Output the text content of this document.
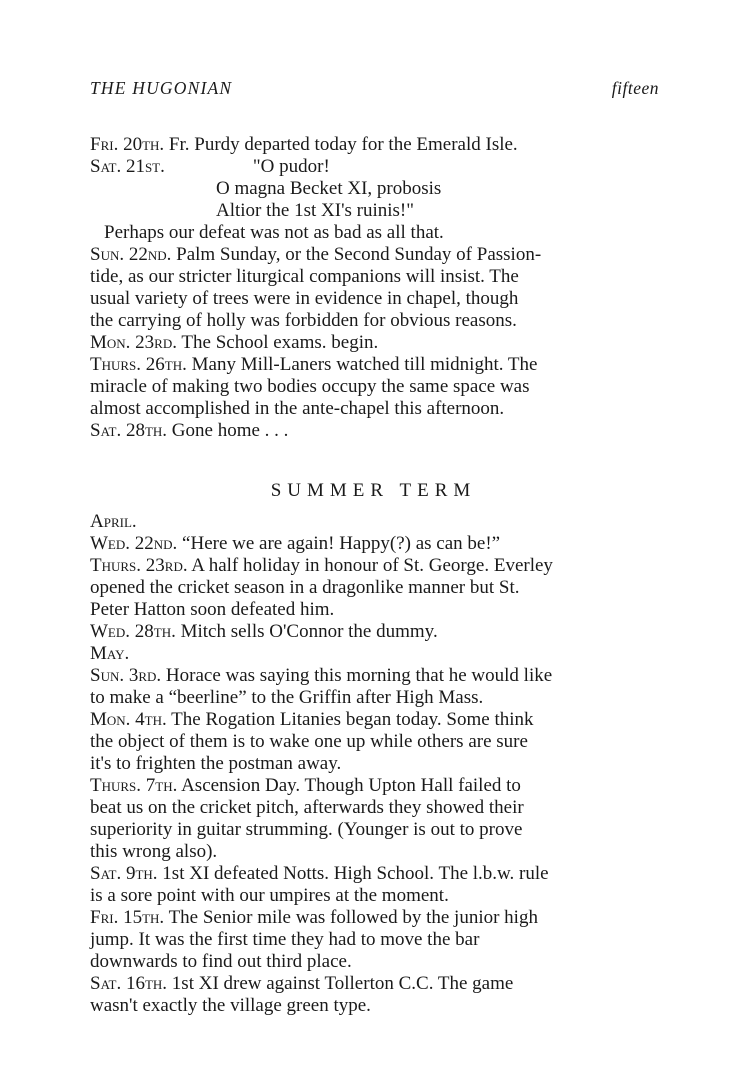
THE HUGONIAN	fifteen

Fri. 20th. Fr. Purdy departed today for the Emerald Isle.

Sat. 21st.	"O pudor!

O magna Becket XI, probosis
Altior the 1st XI's ruinis!"

Perhaps our defeat was not as bad as all that.

Sun. 22nd. Palm Sunday, or the Second Sunday of Passion-
tide, as our stricter liturgical companions will insist. The
usual variety of trees were in evidence in chapel, though
the carrying of holly was forbidden for obvious reasons.

Mon. 23rd. The School exams. begin.

Thurs. 26th. Many Mill-Laners watched till midnight. The
miracle of making two bodies occupy the same space was
almost accomplished in the ante-chapel this afternoon.

Sat. 28th. Gone home . . .

SUMMER TERM

April.

Wed. 22nd. “Here we are again! Happy(?) as can be!”

Thurs. 23rd. A half holiday in honour of St. George. Everley
opened the cricket season in a dragonlike manner but St.
Peter Hatton soon defeated him.

Wed. 28th. Mitch sells O'Connor the dummy.

May.

Sun. 3rd. Horace was saying this morning that he would like
to make a “beerline” to the Griffin after High Mass.

Mon. 4th. The Rogation Litanies began today. Some think
the object of them is to wake one up while others are sure
it's to frighten the postman away.

Thurs. 7th. Ascension Day. Though Upton Hall failed to
beat us on the cricket pitch, afterwards they showed their
superiority in guitar strumming. (Younger is out to prove
this wrong also).

Sat. 9th. 1st XI defeated Notts. High School. The l.b.w. rule
is a sore point with our umpires at the moment.

Fri. 15th. The Senior mile was followed by the junior high
jump. It was the first time they had to move the bar
downwards to find out third place.

Sat. 16th. 1st XI drew against Tollerton C.C. The game
wasn't exactly the village green type.
